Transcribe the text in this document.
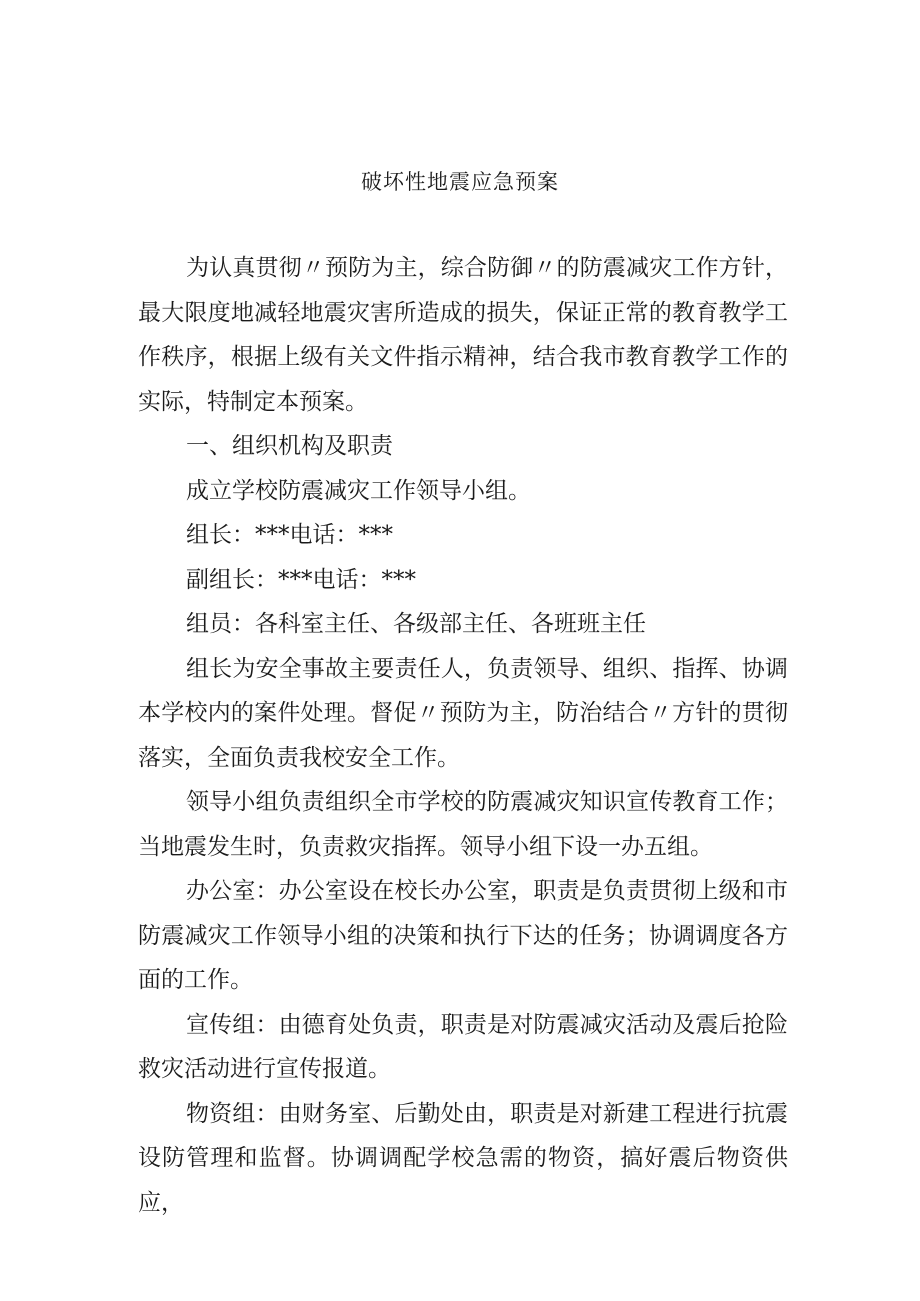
破坏性地震应急预案

为认真贯彻〃预防为主，综合防御〃的防震减灾工作方针，最大限度地减轻地震灾害所造成的损失，保证正常的教育教学工作秩序，根据上级有关文件指示精神，结合我市教育教学工作的实际，特制定本预案。

一、组织机构及职责

成立学校防震减灾工作领导小组。

组长：***电话：***

副组长：***电话：***

组员：各科室主任、各级部主任、各班班主任

组长为安全事故主要责任人，负责领导、组织、指挥、协调本学校内的案件处理。督促〃预防为主，防治结合〃方针的贯彻落实，全面负责我校安全工作。

领导小组负责组织全市学校的防震减灾知识宣传教育工作；当地震发生时，负责救灾指挥。领导小组下设一办五组。

办公室：办公室设在校长办公室，职责是负责贯彻上级和市防震减灾工作领导小组的决策和执行下达的任务；协调调度各方面的工作。

宣传组：由德育处负责，职责是对防震减灾活动及震后抢险救灾活动进行宣传报道。

物资组：由财务室、后勤处由，职责是对新建工程进行抗震设防管理和监督。协调调配学校急需的物资，搞好震后物资供应，
